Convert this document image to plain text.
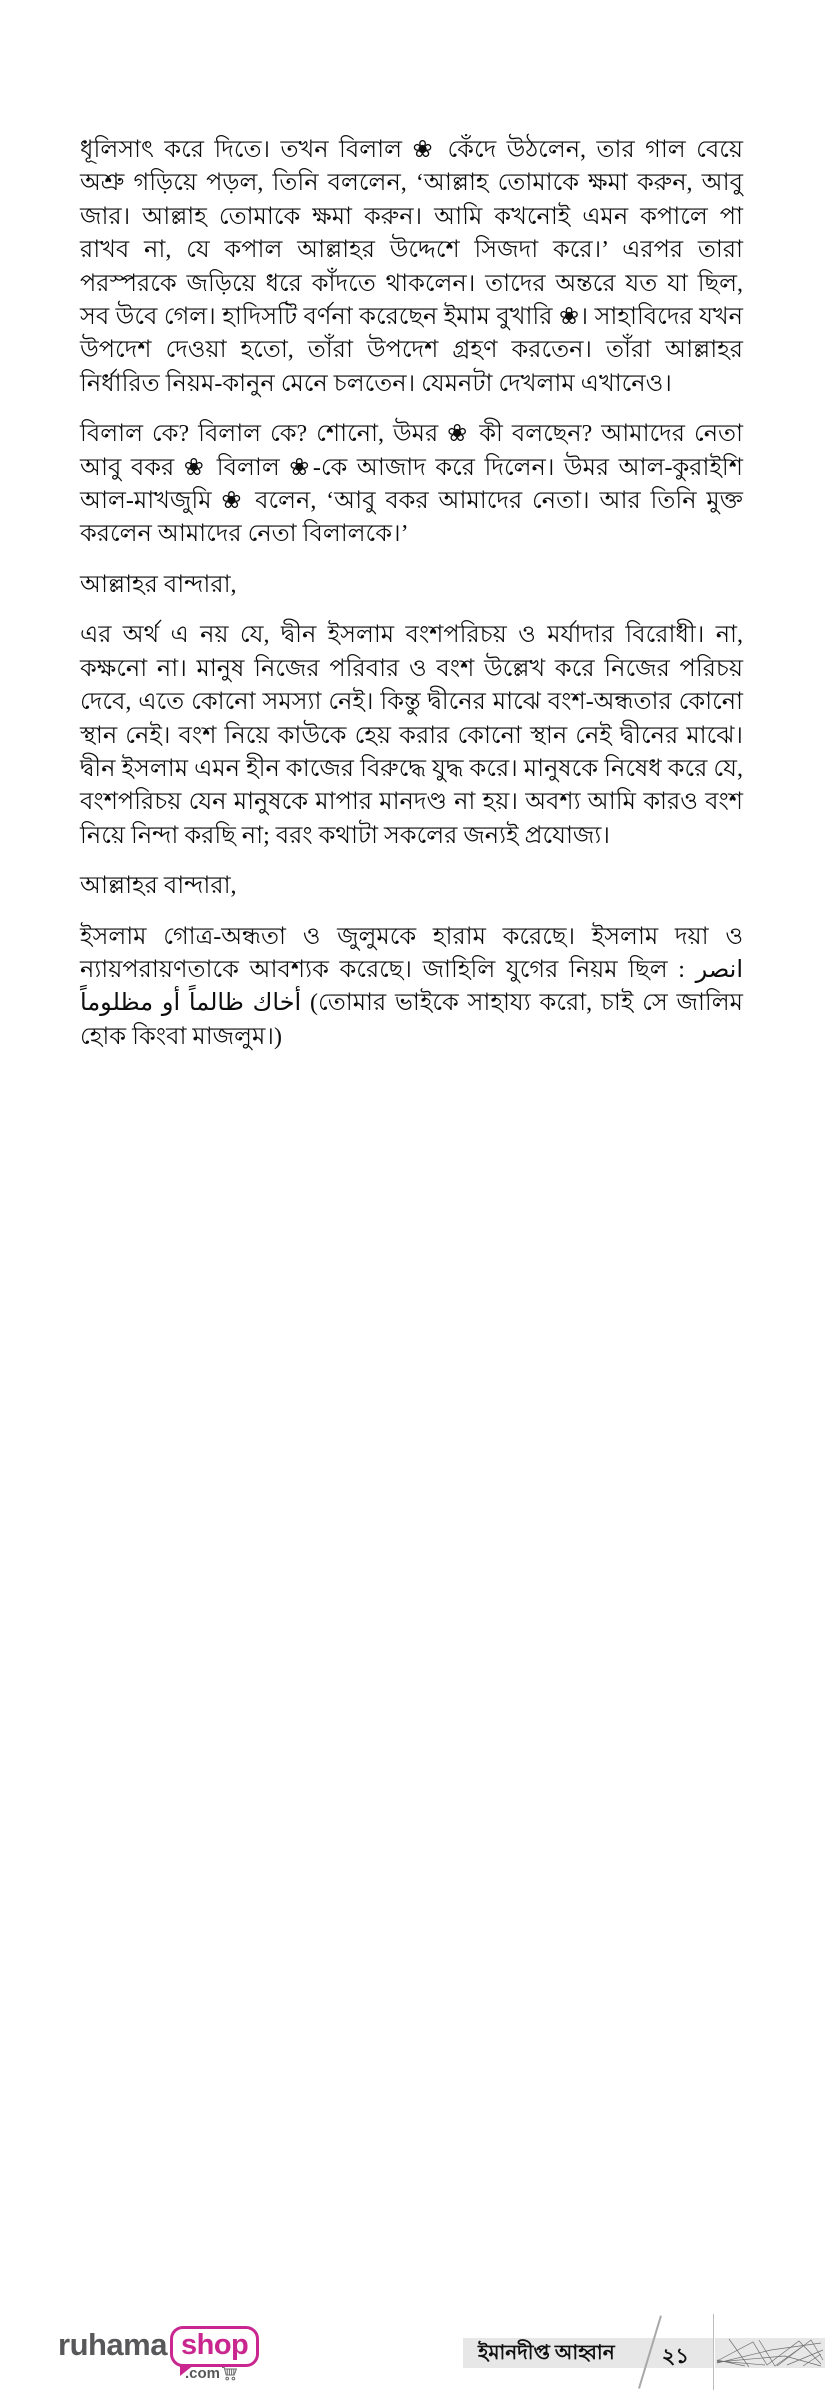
ধূলিসাৎ করে দিতে। তখন বিলাল ❀ কেঁদে উঠলেন, তার গাল বেয়ে অশ্রু গড়িয়ে পড়ল, তিনি বললেন, ‘আল্লাহ তোমাকে ক্ষমা করুন, আবু জার। আল্লাহ তোমাকে ক্ষমা করুন। আমি কখনোই এমন কপালে পা রাখব না, যে কপাল আল্লাহর উদ্দেশে সিজদা করে।’ এরপর তারা পরস্পরকে জড়িয়ে ধরে কাঁদতে থাকলেন। তাদের অন্তরে যত যা ছিল, সব উবে গেল। হাদিসটি বর্ণনা করেছেন ইমাম বুখারি ❀। সাহাবিদের যখন উপদেশ দেওয়া হতো, তাঁরা উপদেশ গ্রহণ করতেন। তাঁরা আল্লাহর নির্ধারিত নিয়ম-কানুন মেনে চলতেন। যেমনটা দেখলাম এখানেও।

বিলাল কে? বিলাল কে? শোনো, উমর ❀ কী বলছেন? আমাদের নেতা আবু বকর ❀ বিলাল ❀-কে আজাদ করে দিলেন। উমর আল-কুরাইশি আল-মাখজুমি ❀ বলেন, ‘আবু বকর আমাদের নেতা। আর তিনি মুক্ত করলেন আমাদের নেতা বিলালকে।’

আল্লাহর বান্দারা,

এর অর্থ এ নয় যে, দ্বীন ইসলাম বংশপরিচয় ও মর্যাদার বিরোধী। না, কক্ষনো না। মানুষ নিজের পরিবার ও বংশ উল্লেখ করে নিজের পরিচয় দেবে, এতে কোনো সমস্যা নেই। কিন্তু দ্বীনের মাঝে বংশ-অন্ধতার কোনো স্থান নেই। বংশ নিয়ে কাউকে হেয় করার কোনো স্থান নেই দ্বীনের মাঝে। দ্বীন ইসলাম এমন হীন কাজের বিরুদ্ধে যুদ্ধ করে। মানুষকে নিষেধ করে যে, বংশপরিচয় যেন মানুষকে মাপার মানদণ্ড না হয়। অবশ্য আমি কারও বংশ নিয়ে নিন্দা করছি না; বরং কথাটা সকলের জন্যই প্রযোজ্য।

আল্লাহর বান্দারা,

ইসলাম গোত্র-অন্ধতা ও জুলুমকে হারাম করেছে। ইসলাম দয়া ও ন্যায়পরায়ণতাকে আবশ্যক করেছে। জাহিলি যুগের নিয়ম ছিল : انصر أخاك ظالماً أو مظلوماً (তোমার ভাইকে সাহায্য করো, চাই সে জালিম হোক কিংবা মাজলুম।)

ruhama shop
.com
ইমানদীপ্ত আহ্বান ২১
